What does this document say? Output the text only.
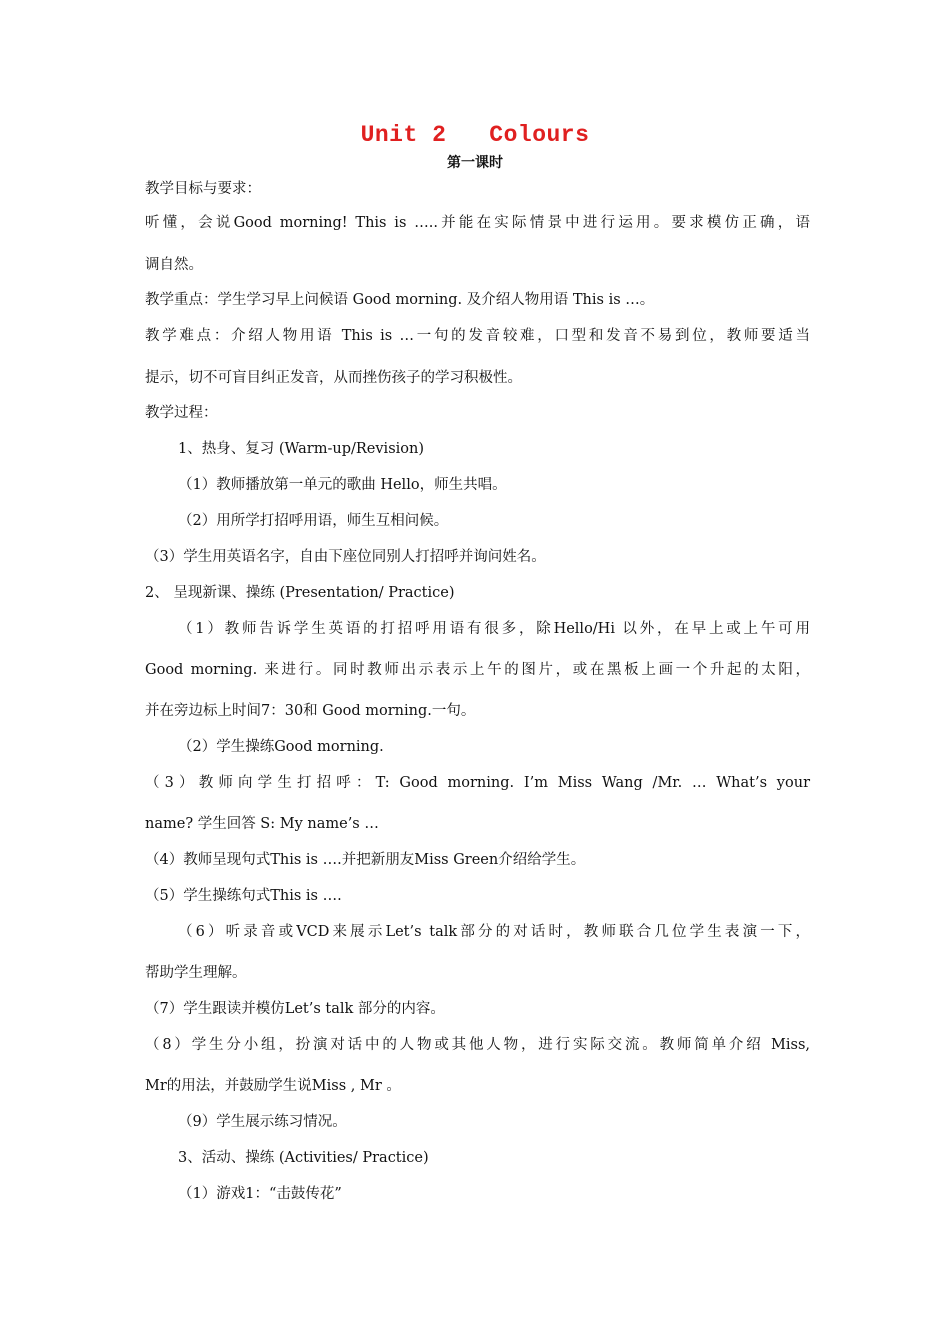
Unit 2   Colours
第一课时
教学目标与要求：
听懂，会说Good morning! This is …..并能在实际情景中进行运用。要求模仿正确，语
调自然。
教学重点：学生学习早上问候语 Good morning. 及介绍人物用语 This is …。
教学难点：介绍人物用语 This is …一句的发音较难，口型和发音不易到位，教师要适当
提示，切不可盲目纠正发音，从而挫伤孩子的学习积极性。
教学过程：
1、热身、复习 (Warm-up/Revision)
（1）教师播放第一单元的歌曲 Hello，师生共唱。
（2）用所学打招呼用语，师生互相问候。
（3）学生用英语名字，自由下座位同别人打招呼并询问姓名。
2、 呈现新课、操练 (Presentation/ Practice)
（1）教师告诉学生英语的打招呼用语有很多，除Hello/Hi 以外，在早上或上午可用
Good morning. 来进行。同时教师出示表示上午的图片，或在黑板上画一个升起的太阳，
并在旁边标上时间7：30和 Good morning.一句。
（2）学生操练Good morning.
（3）教师向学生打招呼：T: Good morning. I’m Miss Wang /Mr. … What’s your
name? 学生回答 S: My name’s …
（4）教师呈现句式This is ….并把新朋友Miss Green介绍给学生。
（5）学生操练句式This is ….
（6）听录音或VCD来展示Let’s talk部分的对话时，教师联合几位学生表演一下，
帮助学生理解。
（7）学生跟读并模仿Let’s talk 部分的内容。
（8）学生分小组，扮演对话中的人物或其他人物，进行实际交流。教师简单介绍 Miss,
Mr的用法，并鼓励学生说Miss , Mr 。
（9）学生展示练习情况。
3、活动、操练 (Activities/ Practice)
（1）游戏1：“击鼓传花”
